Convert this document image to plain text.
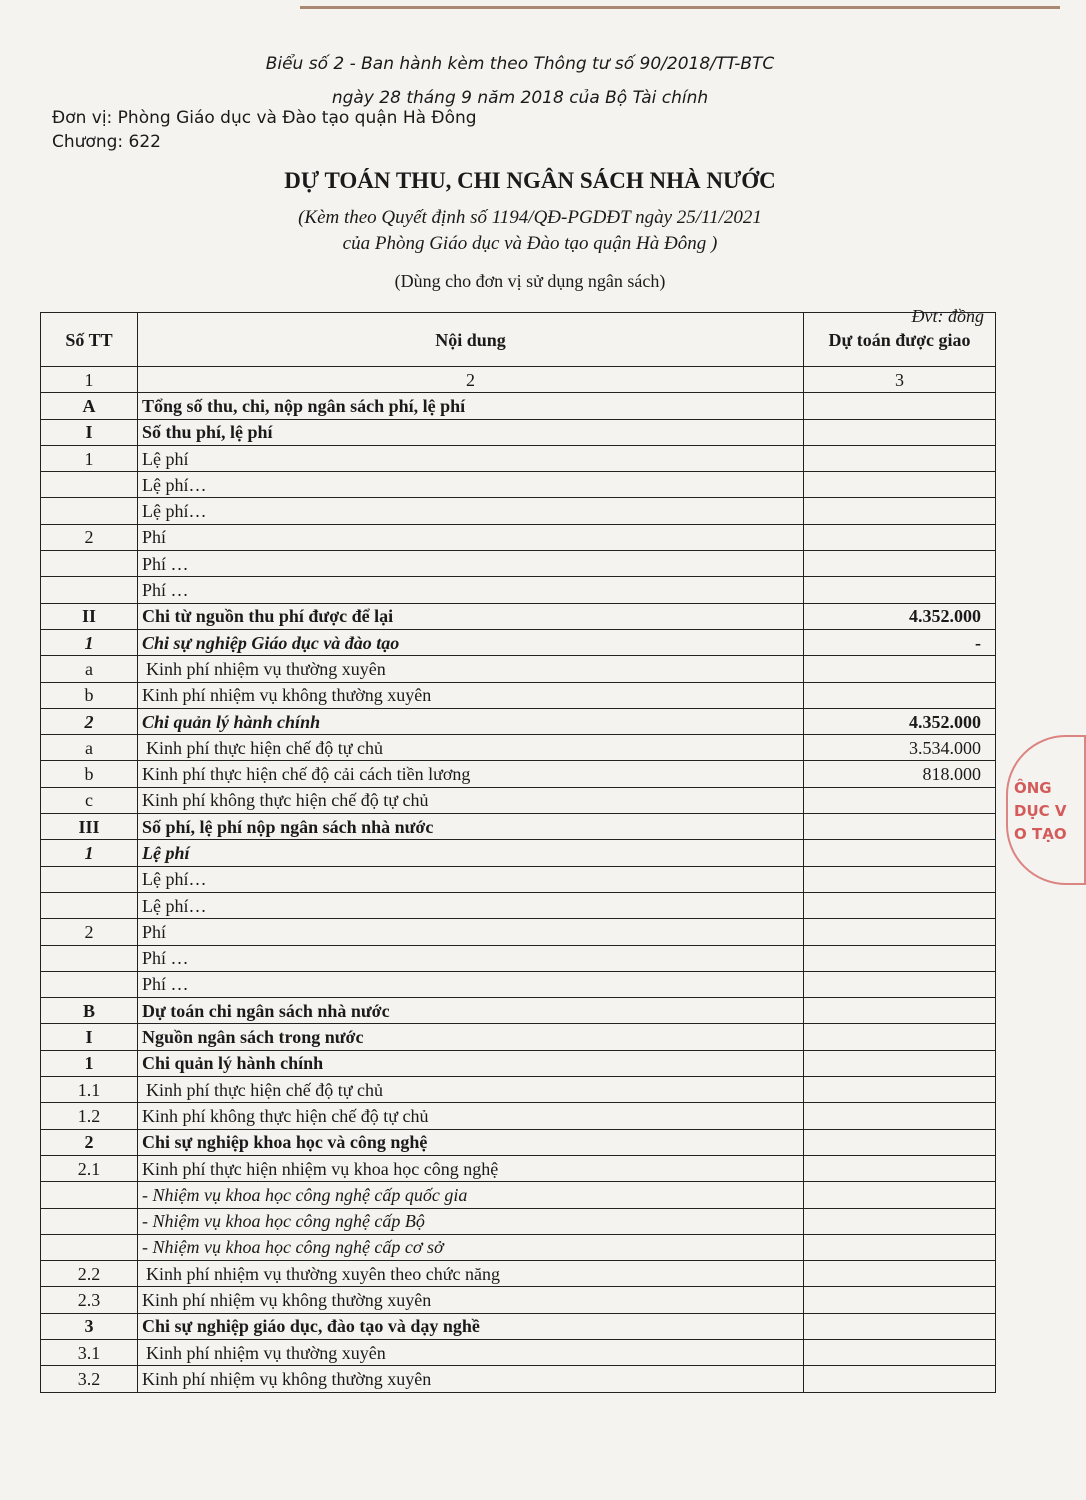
Biểu số 2 - Ban hành kèm theo Thông tư số 90/2018/TT-BTC
ngày 28 tháng 9 năm 2018 của Bộ Tài chính
Đơn vị: Phòng Giáo dục và Đào tạo quận Hà Đông
Chương: 622
DỰ TOÁN THU, CHI NGÂN SÁCH NHÀ NƯỚC
(Kèm theo Quyết định số 1194/QĐ-PGDĐT ngày 25/11/2021
của Phòng Giáo dục và Đào tạo quận Hà Đông )
(Dùng cho đơn vị sử dụng ngân sách)
Đvt: đồng
Số TT	Nội dung	Dự toán được giao
1	2	3
A	Tổng số thu, chi, nộp ngân sách phí, lệ phí	
I	Số thu phí, lệ phí	
1	Lệ phí	
	Lệ phí…	
	Lệ phí…	
2	Phí	
	Phí …	
	Phí …	
II	Chi từ nguồn thu phí được để lại	4.352.000
1	Chi sự nghiệp Giáo dục và đào tạo	-
a	Kinh phí nhiệm vụ thường xuyên	
b	Kinh phí nhiệm vụ không thường xuyên	
2	Chi quản lý hành chính	4.352.000
a	Kinh phí thực hiện chế độ tự chủ	3.534.000
b	Kinh phí thực hiện chế độ cải cách tiền lương	818.000
c	Kinh phí không thực hiện chế độ tự chủ	
III	Số phí, lệ phí nộp ngân sách nhà nước	
1	Lệ phí	
	Lệ phí…	
	Lệ phí…	
2	Phí	
	Phí …	
	Phí …	
B	Dự toán chi ngân sách nhà nước	
I	Nguồn ngân sách trong nước	
1	Chi quản lý hành chính	
1.1	Kinh phí thực hiện chế độ tự chủ	
1.2	Kinh phí không thực hiện chế độ tự chủ	
2	Chi sự nghiệp khoa học và công nghệ	
2.1	Kinh phí thực hiện nhiệm vụ khoa học công nghệ	
	- Nhiệm vụ khoa học công nghệ cấp quốc gia	
	- Nhiệm vụ khoa học công nghệ cấp Bộ	
	- Nhiệm vụ khoa học công nghệ cấp cơ sở	
2.2	Kinh phí nhiệm vụ thường xuyên theo chức năng	
2.3	Kinh phí nhiệm vụ không thường xuyên	
3	Chi sự nghiệp giáo dục, đào tạo và dạy nghề	
3.1	Kinh phí nhiệm vụ thường xuyên	
3.2	Kinh phí nhiệm vụ không thường xuyên	
ÔNG
DỤC V
O TẠO
